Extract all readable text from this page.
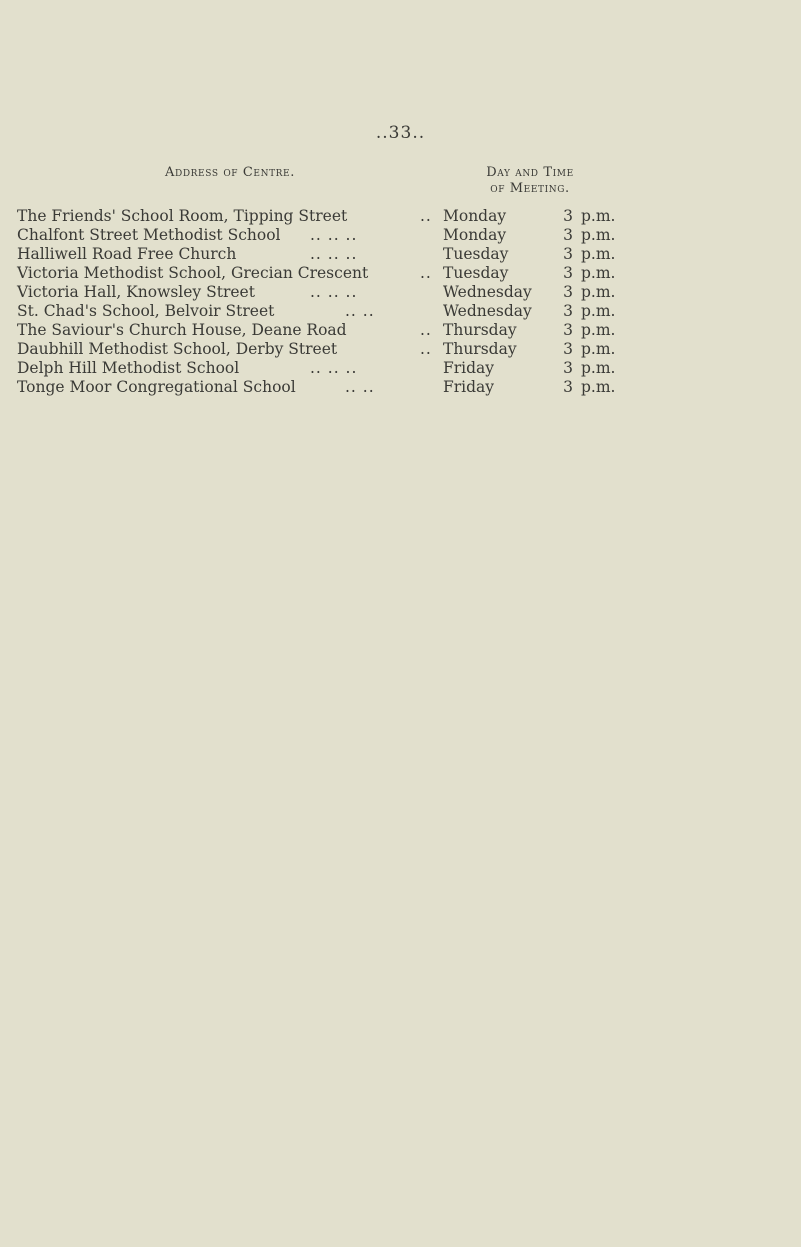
..33..
Address of Centre.	Day and Time
of Meeting.
The Friends' School Room, Tipping Street	.. Monday	3 p.m.
Chalfont Street Methodist School .. .. ..	Monday	3 p.m.
Halliwell Road Free Church	.. .. ..	Tuesday	3 p.m.
Victoria Methodist School, Grecian Crescent	.. Tuesday	3 p.m.
Victoria Hall, Knowsley Street	.. .. ..	Wednesday 3 p.m.
St. Chad's School, Belvoir Street	.. ..	Wednesday 3 p.m.
The Saviour's Church House, Deane Road	.. Thursday	3 p.m.
Daubhill Methodist School, Derby Street	.. Thursday	3 p.m.
Delph Hill Methodist School	.. .. ..	Friday	3 p.m.
Tonge Moor Congregational School	.. ..	Friday	3 p.m.
